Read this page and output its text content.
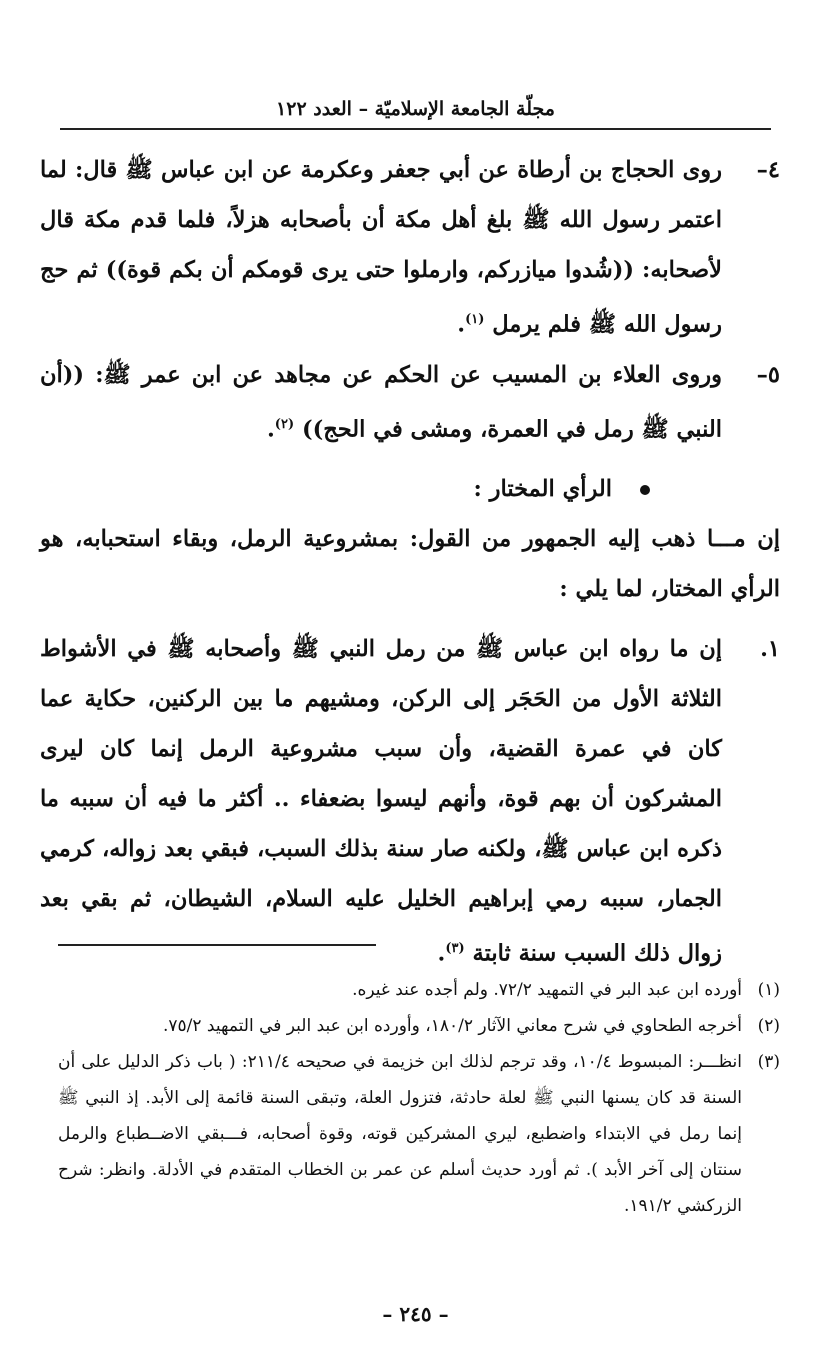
مجلّة الجامعة الإسلاميّة – العدد ١٢٢

٤–
روى الحجاج بن أرطاة عن أبي جعفر وعكرمة عن ابن عباس ﷺ قال: لما اعتمر رسول الله ﷺ بلغ أهل مكة أن بأصحابه هزلاً، فلما قدم مكة قال لأصحابه: ((شُدوا ميازركم، وارملوا حتى يرى قومكم أن بكم قوة)) ثم حج رسول الله ﷺ فلم يرمل $^{(١)}$.

٥–
وروى العلاء بن المسيب عن الحكم عن مجاهد عن ابن عمر ﷺ: ((أن النبي ﷺ رمل في العمرة، ومشى في الحج)) $^{(٢)}$.

الرأي المختار :

إن مـــا ذهب إليه الجمهور من القول: بمشروعية الرمل، وبقاء استحبابه، هو الرأي المختار، لما يلي :

١.
إن ما رواه ابن عباس ﷺ من رمل النبي ﷺ وأصحابه ﷺ في الأشواط الثلاثة الأول من الحَجَر إلى الركن، ومشيهم ما بين الركنين، حكاية عما كان في عمرة القضية، وأن سبب مشروعية الرمل إنما كان ليرى المشركون أن بهم قوة، وأنهم ليسوا بضعفاء .. أكثر ما فيه أن سببه ما ذكره ابن عباس ﷺ، ولكنه صار سنة بذلك السبب، فبقي بعد زواله، كرمي الجمار، سببه رمي إبراهيم الخليل عليه السلام، الشيطان، ثم بقي بعد زوال ذلك السبب سنة ثابتة $^{(٣)}$.

(١)
أورده ابن عبد البر في التمهيد ٧٢/٢. ولم أجده عند غيره.

(٢)
أخرجه الطحاوي في شرح معاني الآثار ١٨٠/٢، وأورده ابن عبد البر في التمهيد ٧٥/٢.

(٣)
انظـــر: المبسوط ١٠/٤، وقد ترجم لذلك ابن خزيمة في صحيحه ٢١١/٤: ( باب ذكر الدليل على أن السنة قد كان يسنها النبي ﷺ لعلة حادثة، فتزول العلة، وتبقى السنة قائمة إلى الأبد. إذ النبي ﷺ إنما رمل في الابتداء واضطبع، ليري المشركين قوته، وقوة أصحابه، فـــبقي الاضــطباع والرمل سنتان إلى آخر الأبد ). ثم أورد حديث أسلم عن عمر بن الخطاب المتقدم في الأدلة. وانظر: شرح الزركشي ١٩١/٢.

– ٢٤٥ –
